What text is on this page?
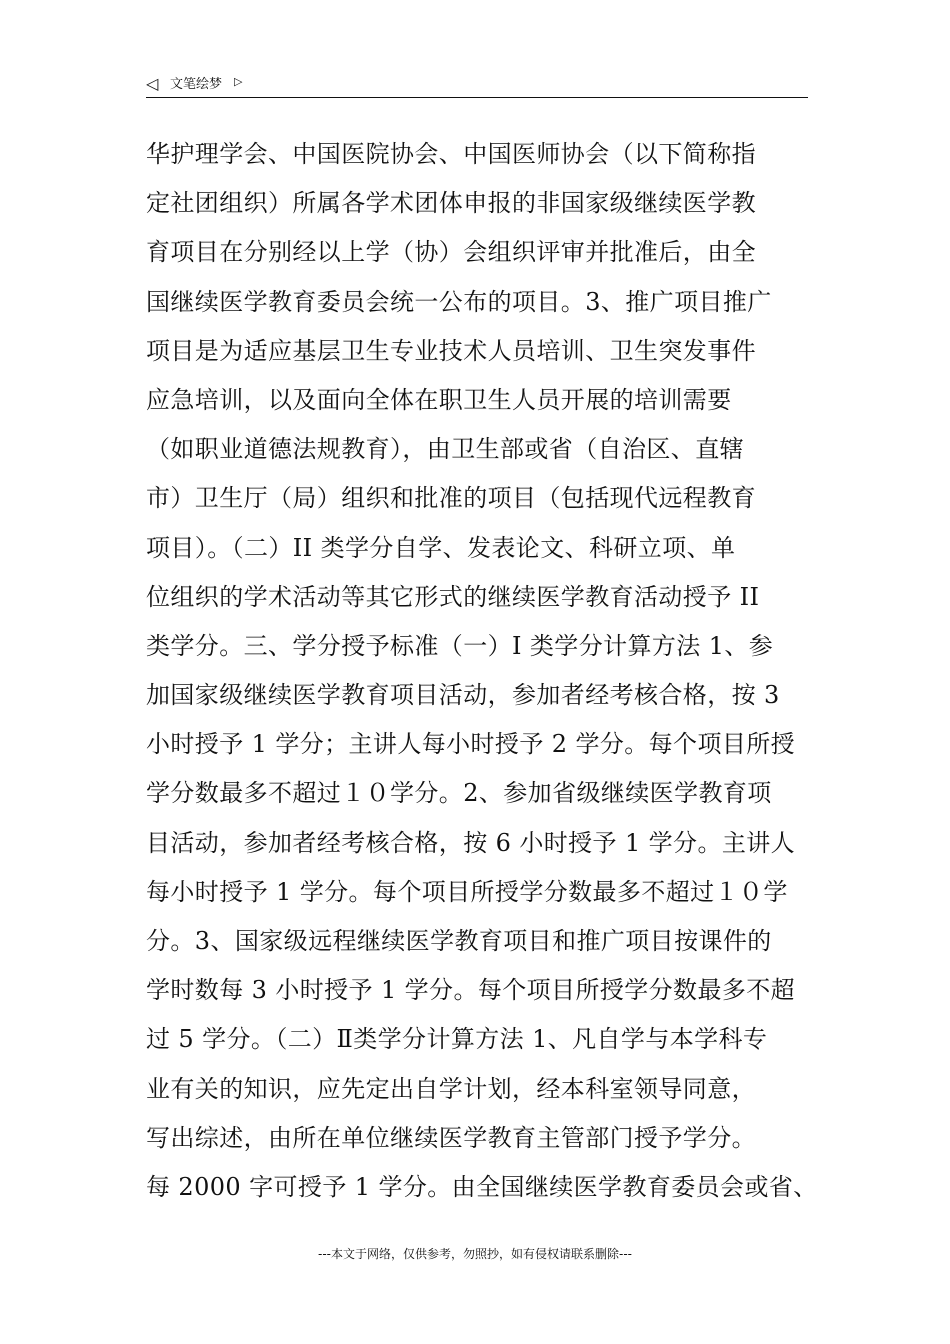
◁ 文笔绘梦 ▷
华护理学会、中国医院协会、中国医师协会（以下简称指
定社团组织）所属各学术团体申报的非国家级继续医学教
育项目在分别经以上学（协）会组织评审并批准后，由全
国继续医学教育委员会统一公布的项目。3、推广项目推广
项目是为适应基层卫生专业技术人员培训、卫生突发事件
应急培训，以及面向全体在职卫生人员开展的培训需要
（如职业道德法规教育），由卫生部或省（自治区、直辖
市）卫生厅（局）组织和批准的项目（包括现代远程教育
项目）。（二）II 类学分自学、发表论文、科研立项、单
位组织的学术活动等其它形式的继续医学教育活动授予 II
类学分。三、学分授予标准（一）I 类学分计算方法 1、参
加国家级继续医学教育项目活动，参加者经考核合格，按 3
小时授予 1 学分；主讲人每小时授予 2 学分。每个项目所授
学分数最多不超过１０学分。2、参加省级继续医学教育项
目活动，参加者经考核合格，按 6 小时授予 1 学分。主讲人
每小时授予 1 学分。每个项目所授学分数最多不超过１０学
分。3、国家级远程继续医学教育项目和推广项目按课件的
学时数每 3 小时授予 1 学分。每个项目所授学分数最多不超
过 5 学分。（二）Ⅱ类学分计算方法 1、凡自学与本学科专
业有关的知识，应先定出自学计划，经本科室领导同意，
写出综述，由所在单位继续医学教育主管部门授予学分。
每 2000 字可授予 1 学分。由全国继续医学教育委员会或省、
---本文于网络，仅供参考，勿照抄，如有侵权请联系删除---
